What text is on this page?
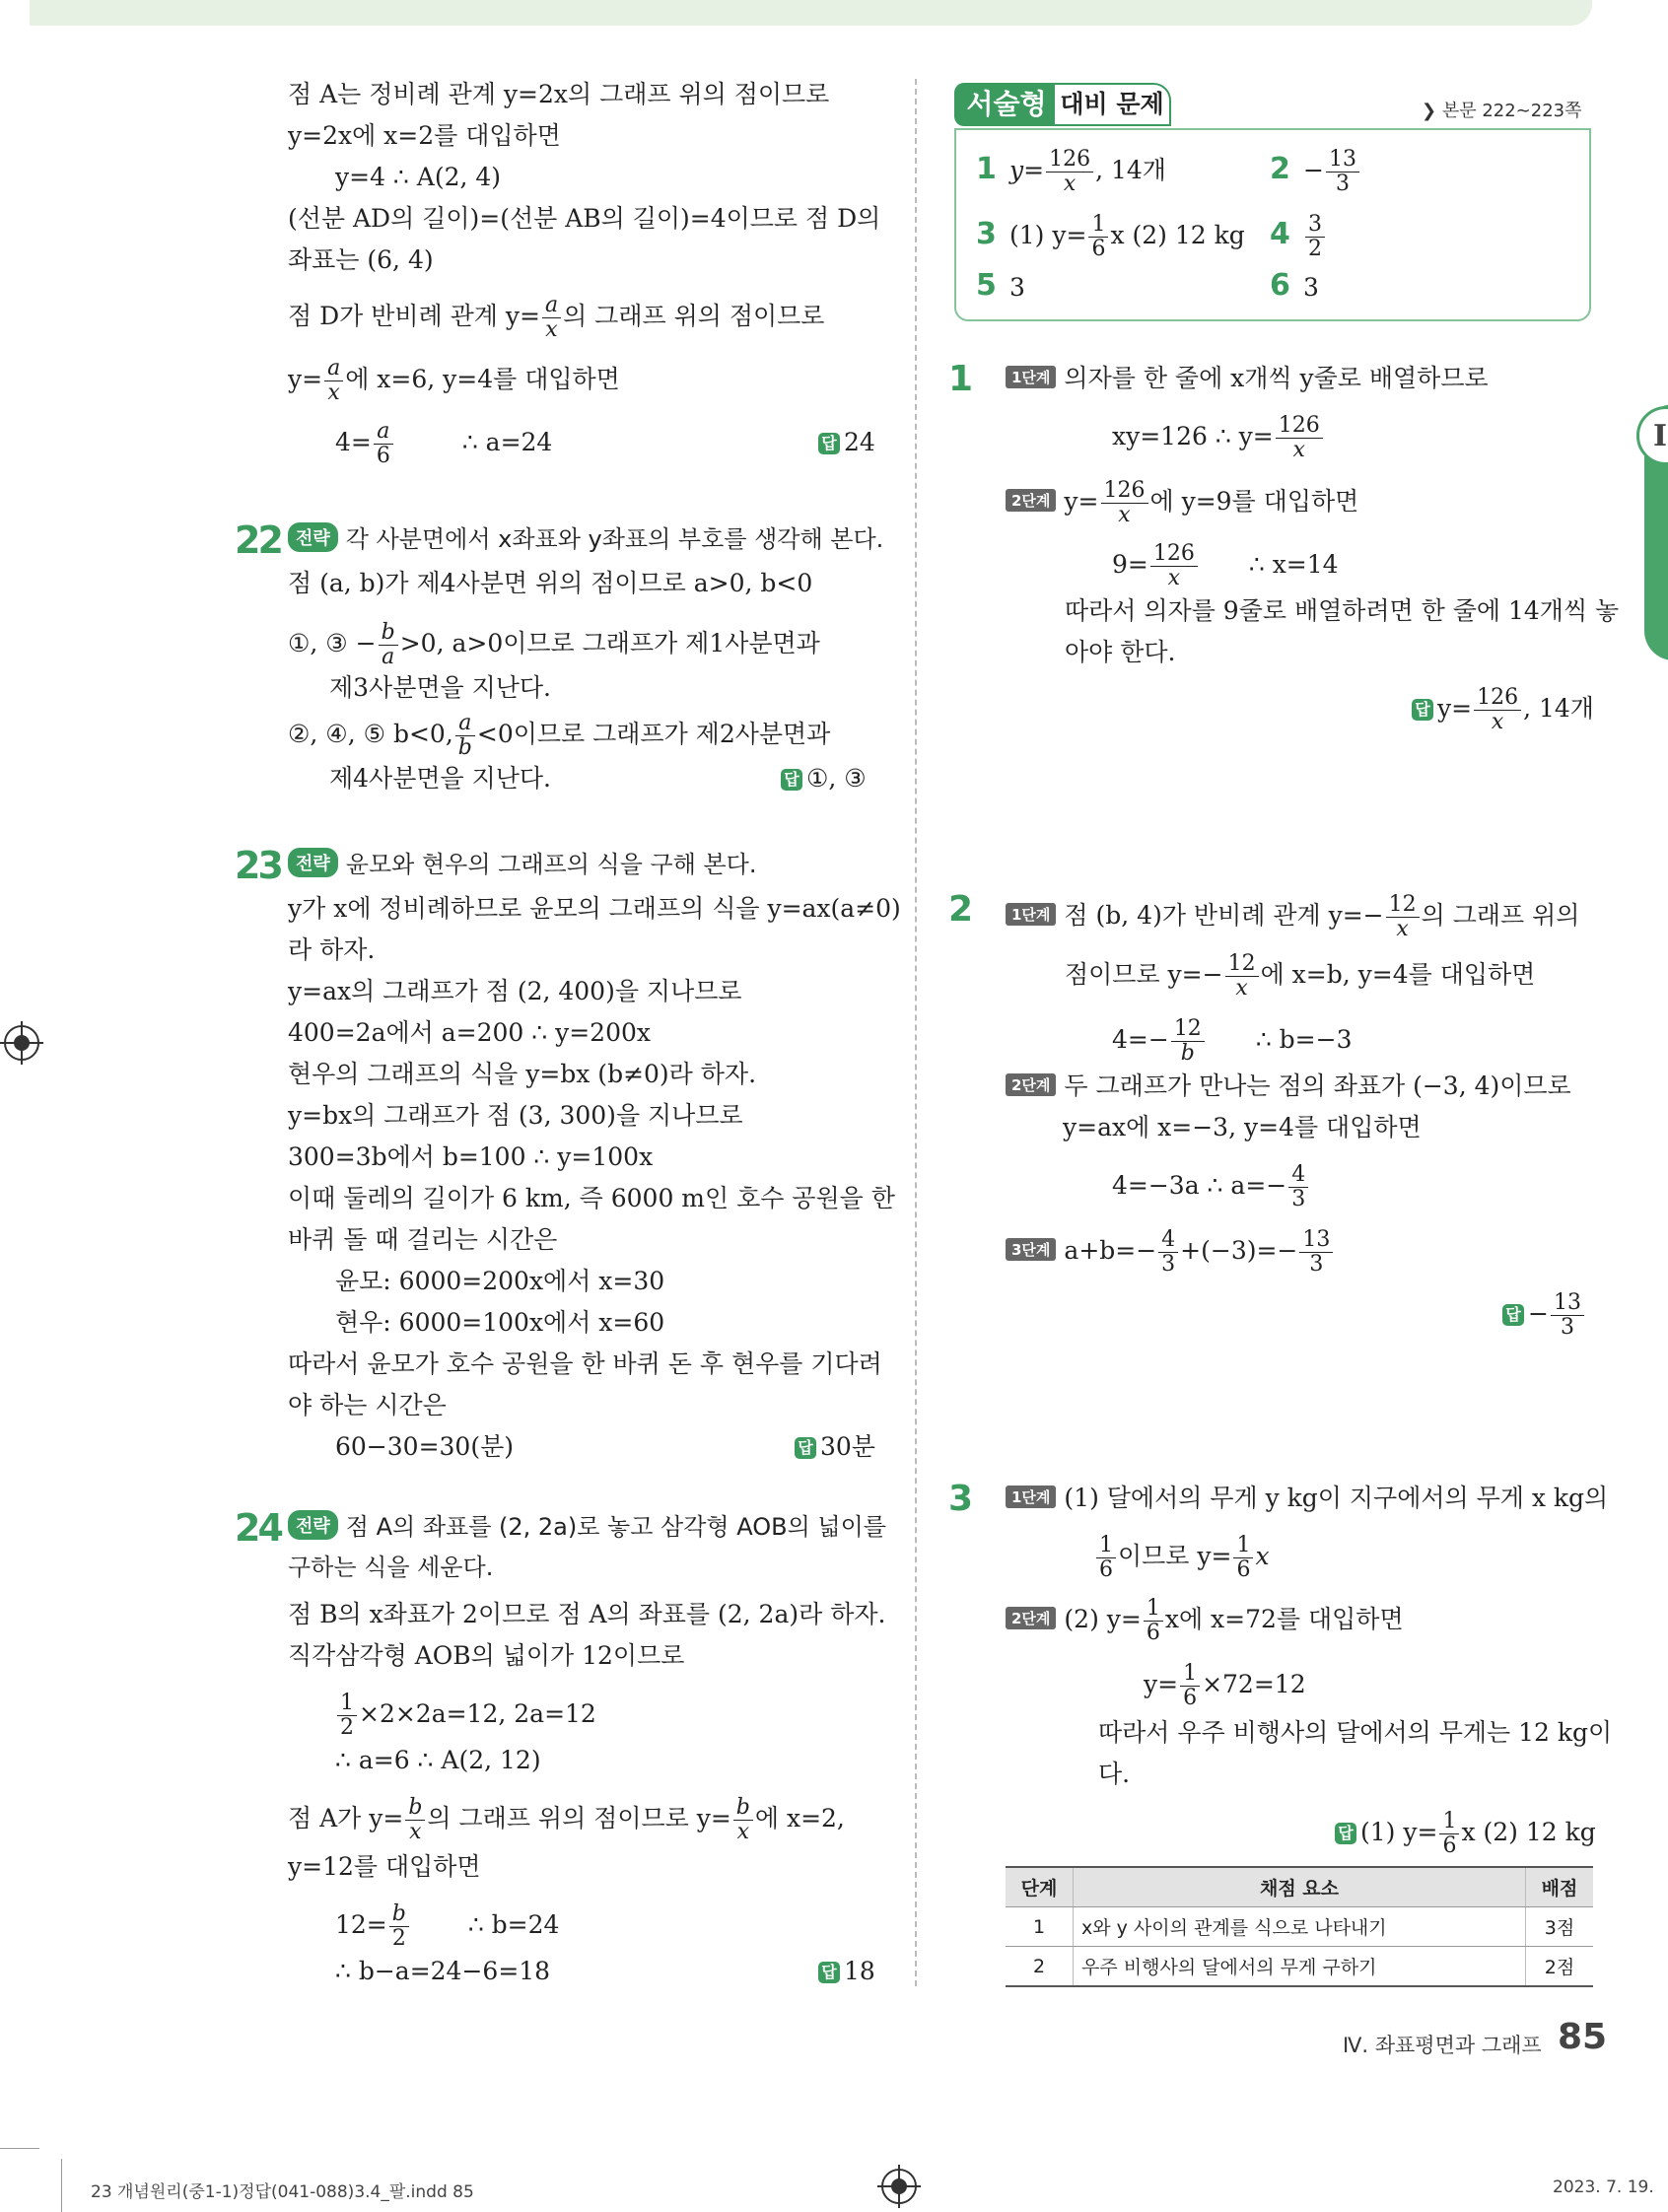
Ⅰ
점 A는 정비례 관계 y=2x의 그래프 위의 점이므로
y=2x에 x=2를 대입하면
y=4 ∴ A(2, 4)
(선분 AD의 길이)=(선분 AB의 길이)=4이므로 점 D의
좌표는 (6, 4)
점 D가 반비례 관계 $y= \frac{a}{x}$ 의 그래프 위의 점이므로
$y= \frac{a}{x}$ 에 x=6, y=4를 대입하면
$4= \frac{a}{6}$	∴ a=24	답 24
22 전략 각 사분면에서 x좌표와 y좌표의 부호를 생각해 본다.
점 (a, b)가 제4사분면 위의 점이므로 a>0, b<0
①, ③ − $\frac{b}{a} >0$, a>0이므로 그래프가 제1사분면과
제3사분면을 지난다.
②, ④, ⑤ b<0, $\frac{a}{b} <0$이므로 그래프가 제2사분면과
제4사분면을 지난다.	답 ①, ③
23 전략 윤모와 현우의 그래프의 식을 구해 본다.
y가 x에 정비례하므로 윤모의 그래프의 식을 y=ax(a≠0)
라 하자.
y=ax의 그래프가 점 (2, 400)을 지나므로
400=2a에서 a=200 ∴ y=200x
현우의 그래프의 식을 y=bx (b≠0)라 하자.
y=bx의 그래프가 점 (3, 300)을 지나므로
300=3b에서 b=100 ∴ y=100x
이때 둘레의 길이가 6 km, 즉 6000 m인 호수 공원을 한
바퀴 돌 때 걸리는 시간은
윤모: 6000=200x에서 x=30
현우: 6000=100x에서 x=60
따라서 윤모가 호수 공원을 한 바퀴 돈 후 현우를 기다려
야 하는 시간은
60−30=30(분)	답 30분
24 전략 점 A의 좌표를 (2, 2a)로 놓고 삼각형 AOB의 넓이를
구하는 식을 세운다.
점 B의 x좌표가 2이므로 점 A의 좌표를 (2, 2a)라 하자.
직각삼각형 AOB의 넓이가 12이므로
$\frac{1}{2} \times 2\times 2a=12$, 2a=12
∴ a=6 ∴ A(2, 12)
점 A가 $y= \frac{b}{x}$ 의 그래프 위의 점이므로 $y= \frac{b}{x}$ 에 x=2,
y=12를 대입하면
$12= \frac{b}{2}$ ∴ b=24
∴ b−a=24−6=18	답 18
서술형 대비 문제	❯ 본문 222∼223쪽
1 $y= \frac{126}{x}$ , 14개	$2 - \frac{13}{3}$
3 (1) $y= \frac{1}{6}$ x (2) 12 kg $4 \frac{3}{2}$
5 3	6 3
1	1단계 의자를 한 줄에 x개씩 y줄로 배열하므로
xy=126 ∴ $y= \frac{126}{x}$
2단계 $y= \frac{126}{x}$ 에 y=9를 대입하면
$9= \frac{126}{x}$ ∴ x=14
따라서 의자를 9줄로 배열하려면 한 줄에 14개씩 놓
아야 한다.
답 $y= \frac{126}{x}$ , 14개
2	1단계 점 (b, 4)가 반비례 관계 $y=- \frac{12}{x}$ 의 그래프 위의
점이므로 $y=- \frac{12}{x}$ 에 x=b, y=4를 대입하면
$4=- \frac{12}{b}$ ∴ b=−3
2단계 두 그래프가 만나는 점의 좌표가 (−3, 4)이므로
y=ax에 x=−3, y=4를 대입하면
4=−3a ∴ $a=- \frac{4}{3}$
3단계 $a+b=- \frac{4}{3} +(-3)=- \frac{13}{3}$
답 − $\frac{13}{3}$
3	1단계 (1) 달에서의 무게 y kg이 지구에서의 무게 x kg의
$\frac{1}{6}$ 이므로 $y= \frac{1}{6}$ x
2단계 (2) $y= \frac{1}{6}$ x에 x=72를 대입하면
$y= \frac{1}{6} \times 72=12$
따라서 우주 비행사의 달에서의 무게는 12 kg이
다.
답 (1) $y= \frac{1}{6}$ x (2) 12 kg
단계	채점 요소	배점
1	x와 y 사이의 관계를 식으로 나타내기	3점
2	우주 비행사의 달에서의 무게 구하기	2점
Ⅳ. 좌표평면과 그래프 85
23 개념원리(중1-1)정답(041-088)3.4_팔.indd 85	2023. 7. 19.
